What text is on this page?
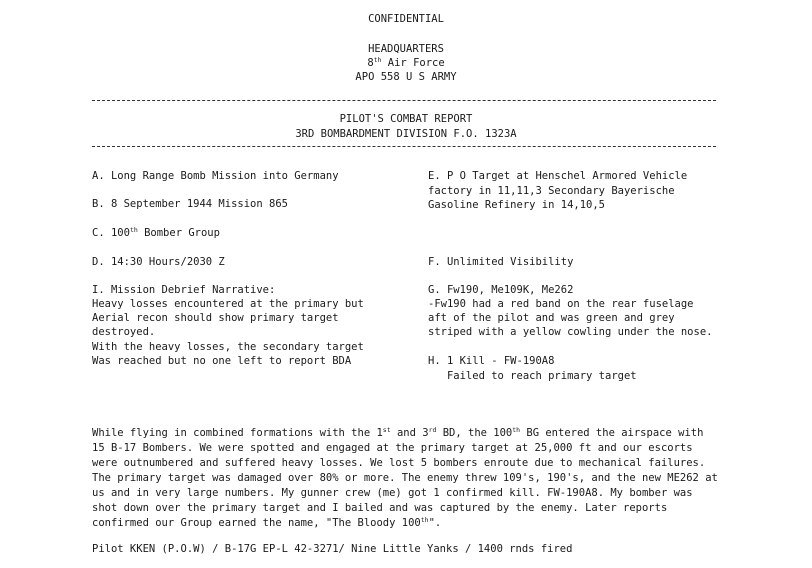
CONFIDENTIAL
HEADQUARTERS
8th Air Force
APO 558 U S ARMY
PILOT'S COMBAT REPORT
3RD BOMBARDMENT DIVISION F.O. 1323A
A. Long Range Bomb Mission into Germany
B. 8 September 1944 Mission 865
C. 100th Bomber Group
D. 14:30 Hours/2030 Z
I. Mission Debrief Narrative:
Heavy losses encountered at the primary but
Aerial recon should show primary target
destroyed.
With the heavy losses, the secondary target
Was reached but no one left to report BDA
E. P O Target at Henschel Armored Vehicle
factory in 11,11,3 Secondary Bayerische
Gasoline Refinery in 14,10,5
F. Unlimited Visibility
G. Fw190, Me109K, Me262
-Fw190 had a red band on the rear fuselage
aft of the pilot and was green and grey
striped with a yellow cowling under the nose.
H. 1 Kill - FW-190A8
Failed to reach primary target
While flying in combined formations with the 1st and 3rd BD, the 100th BG entered the airspace with 15 B-17 Bombers. We were spotted and engaged at the primary target at 25,000 ft and our escorts were outnumbered and suffered heavy losses. We lost 5 bombers enroute due to mechanical failures. The primary target was damaged over 80% or more. The enemy threw 109's, 190's, and the new ME262 at us and in very large numbers. My gunner crew (me) got 1 confirmed kill. FW-190A8. My bomber was shot down over the primary target and I bailed and was captured by the enemy. Later reports confirmed our Group earned the name, "The Bloody 100th".
Pilot KKEN (P.O.W) / B-17G EP-L 42-3271/ Nine Little Yanks / 1400 rnds fired
